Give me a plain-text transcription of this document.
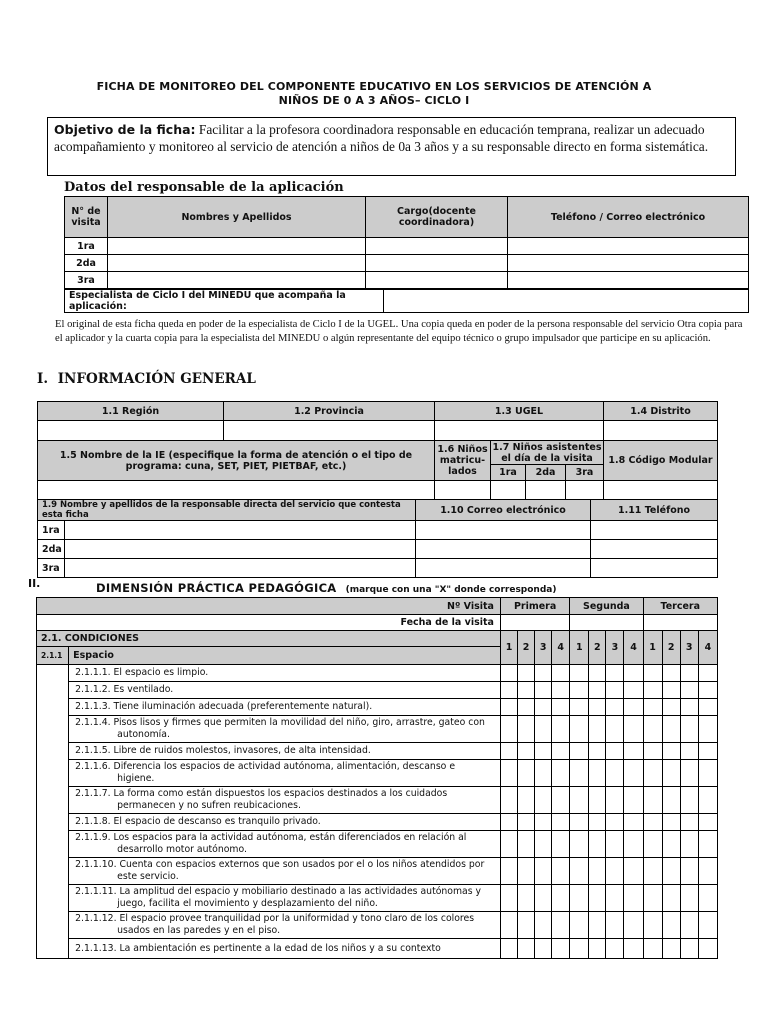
FICHA DE MONITOREO DEL COMPONENTE EDUCATIVO EN LOS SERVICIOS DE ATENCIÓN A
NIÑOS DE 0 A 3 AÑOS– CICLO I
Objetivo de la ficha: Facilitar a la profesora coordinadora responsable en educación temprana, realizar un adecuado acompañamiento y monitoreo al servicio de atención a niños de 0a 3 años y a su responsable directo en forma sistemática.
Datos del responsable de la aplicación
N° de visita	Nombres y Apellidos	Cargo(docente coordinadora)	Teléfono / Correo electrónico
1ra			
2da			
3ra			
Especialista de Ciclo I del MINEDU que acompaña la aplicación:	
El original de esta ficha queda en poder de la especialista de Ciclo I de la UGEL. Una copia queda en poder de la persona responsable del servicio Otra copia para el aplicador y la cuarta copia para la especialista del MINEDU o algún representante del equipo técnico o grupo impulsador que participe en su aplicación.
I. INFORMACIÓN GENERAL
1.1 Región	1.2 Provincia	1.3 UGEL				1.4 Distrito

1.5 Nombre de la IE (especifique la forma de atención o el tipo de programa: cuna, SET, PIET, PIETBAF, etc.)		1.6 Niños matricu-lados	1.7 Niños asistentes el día de la visita			1.8 Código Modular
			1ra	2da	3ra	

1.9 Nombre y apellidos de la responsable directa del servicio que contesta esta ficha		1.10 Correo electrónico	1.11 Teléfono
1ra			
2da			
3ra			
II.	DIMENSIÓN PRÁCTICA PEDAGÓGICA (marque con una "X" donde corresponda)
Nº Visita		Primera				Segunda				Tercera			
Fecha de la visita													
2.1. CONDICIONES		1	2	3	4	1	2	3	4	1	2	3	4
2.1.1	Espacio												

	2.1.1.1. El espacio es limpio.												

	2.1.1.2. Es ventilado.												

	2.1.1.3. Tiene iluminación adecuada (preferentemente natural).												

	2.1.1.4. Pisos lisos y firmes que permiten la movilidad del niño, giro, arrastre, gateo con
autonomía.												

	2.1.1.5. Libre de ruidos molestos, invasores, de alta intensidad.												

	2.1.1.6. Diferencia los espacios de actividad autónoma, alimentación, descanso e
higiene.												

	2.1.1.7. La forma como están dispuestos los espacios destinados a los cuidados
permanecen y no sufren reubicaciones.												

	2.1.1.8. El espacio de descanso es tranquilo privado.												

	2.1.1.9. Los espacios para la actividad autónoma, están diferenciados en relación al
desarrollo motor autónomo.												

	2.1.1.10. Cuenta con espacios externos que son usados por el o los niños atendidos por
este servicio.												

	2.1.1.11. La amplitud del espacio y mobiliario destinado a las actividades autónomas y
juego, facilita el movimiento y desplazamiento del niño.												

	2.1.1.12. El espacio provee tranquilidad por la uniformidad y tono claro de los colores
usados en las paredes y en el piso.												

	2.1.1.13. La ambientación es pertinente a la edad de los niños y a su contexto												
